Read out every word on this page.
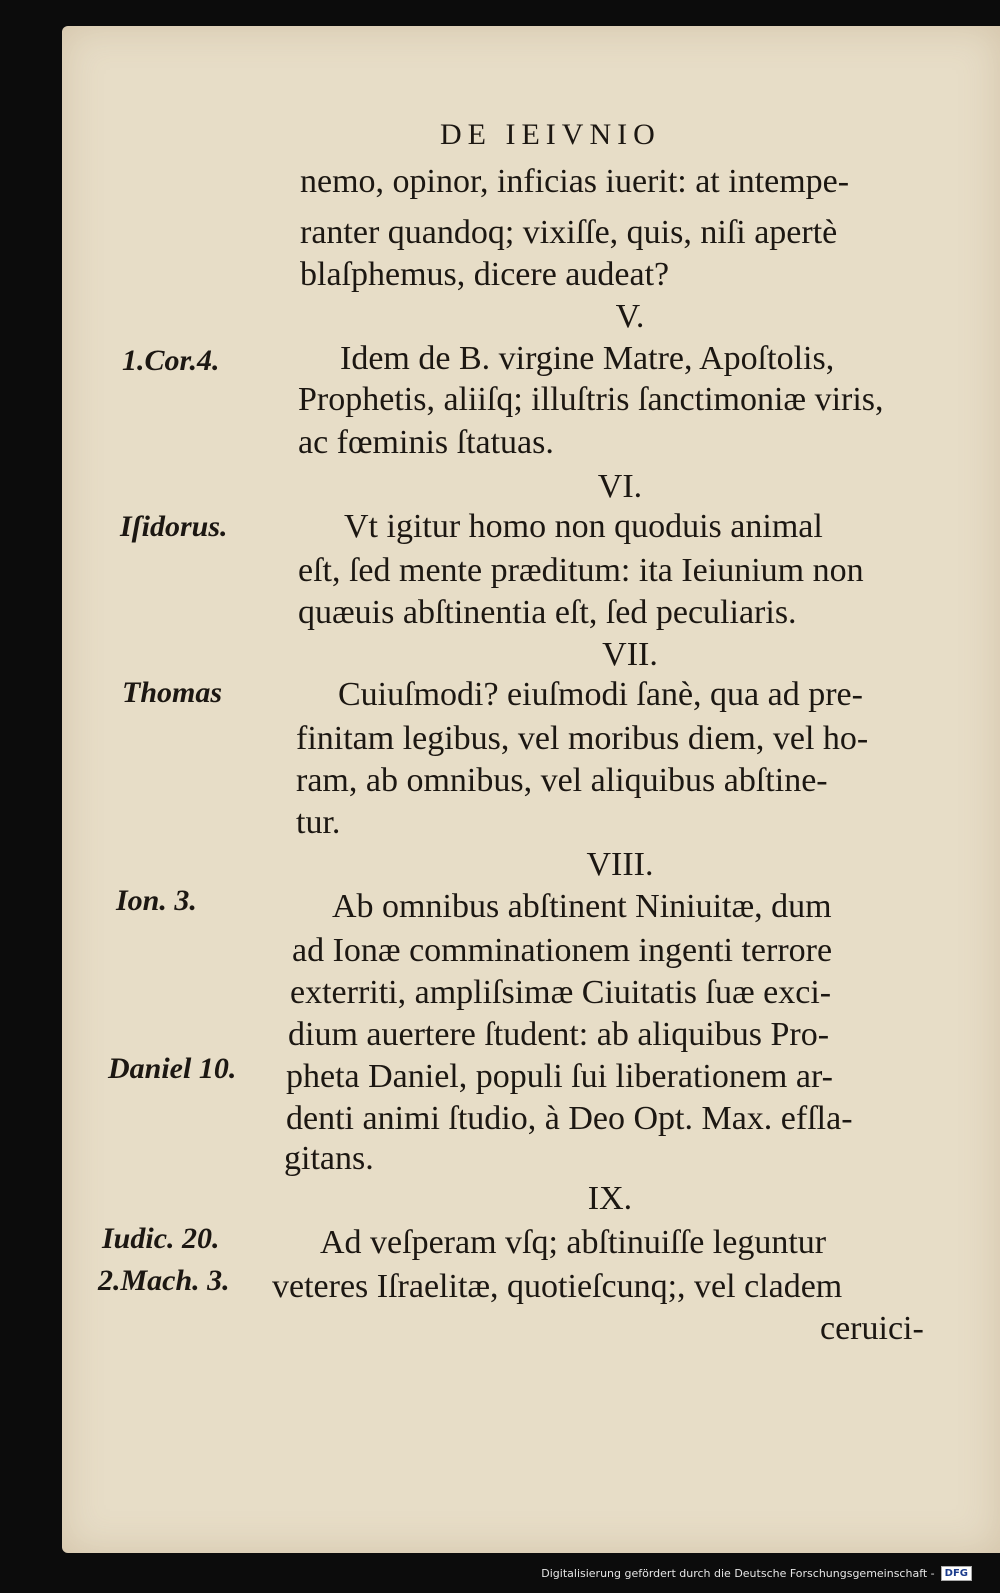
DE IEIVNIO
nemo, opinor, inficias iuerit: at intempe-
ranter quandoq; vixiſſe, quis, niſi apertè
blaſphemus, dicere audeat?
V.
Idem de B. virgine Matre, Apoſtolis,
Prophetis, aliiſq; illuſtris ſanctimoniæ viris,
ac fœminis ſtatuas.
VI.
Vt igitur homo non quoduis animal
eſt, ſed mente præditum: ita Ieiunium non
quæuis abſtinentia eſt, ſed peculiaris.
VII.
Cuiuſmodi? eiuſmodi ſanè, qua ad pre-
finitam legibus, vel moribus diem, vel ho-
ram, ab omnibus, vel aliquibus abſtine-
tur.
VIII.
Ab omnibus abſtinent Niniuitæ, dum
ad Ionæ comminationem ingenti terrore
exterriti, ampliſsimæ Ciuitatis ſuæ exci-
dium auertere ſtudent: ab aliquibus Pro-
pheta Daniel, populi ſui liberationem ar-
denti animi ſtudio, à Deo Opt. Max. efſla-
gitans.
IX.
Ad veſperam vſq; abſtinuiſſe leguntur
veteres Iſraelitæ, quotieſcunq;, vel cladem
ceruici-
1.Cor.4.
Iſidorus.
Thomas
Ion. 3.
Daniel 10.
Iudic. 20.
2.Mach. 3.
Digitalisierung gefördert durch die Deutsche Forschungsgemeinschaft -	DFG
